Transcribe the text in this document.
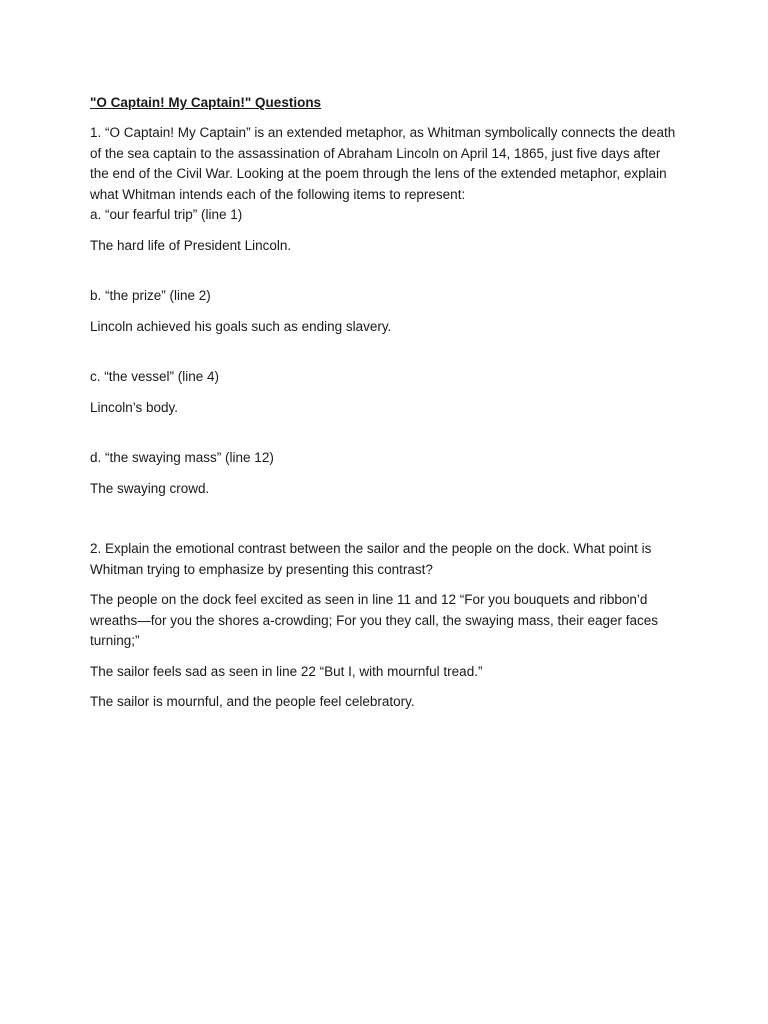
"O Captain! My Captain!" Questions

1. “O Captain! My Captain” is an extended metaphor, as Whitman symbolically connects the death of the sea captain to the assassination of Abraham Lincoln on April 14, 1865, just five days after the end of the Civil War. Looking at the poem through the lens of the extended metaphor, explain what Whitman intends each of the following items to represent:

a. “our fearful trip” (line 1)

The hard life of President Lincoln.

b. “the prize” (line 2)

Lincoln achieved his goals such as ending slavery.

c. “the vessel” (line 4)

Lincoln’s body.

d. “the swaying mass” (line 12)

The swaying crowd.

2. Explain the emotional contrast between the sailor and the people on the dock. What point is Whitman trying to emphasize by presenting this contrast?

The people on the dock feel excited as seen in line 11 and 12 “For you bouquets and ribbon’d wreaths—for you the shores a-crowding; For you they call, the swaying mass, their eager faces turning;”

The sailor feels sad as seen in line 22 “But I, with mournful tread.”

The sailor is mournful, and the people feel celebratory.
